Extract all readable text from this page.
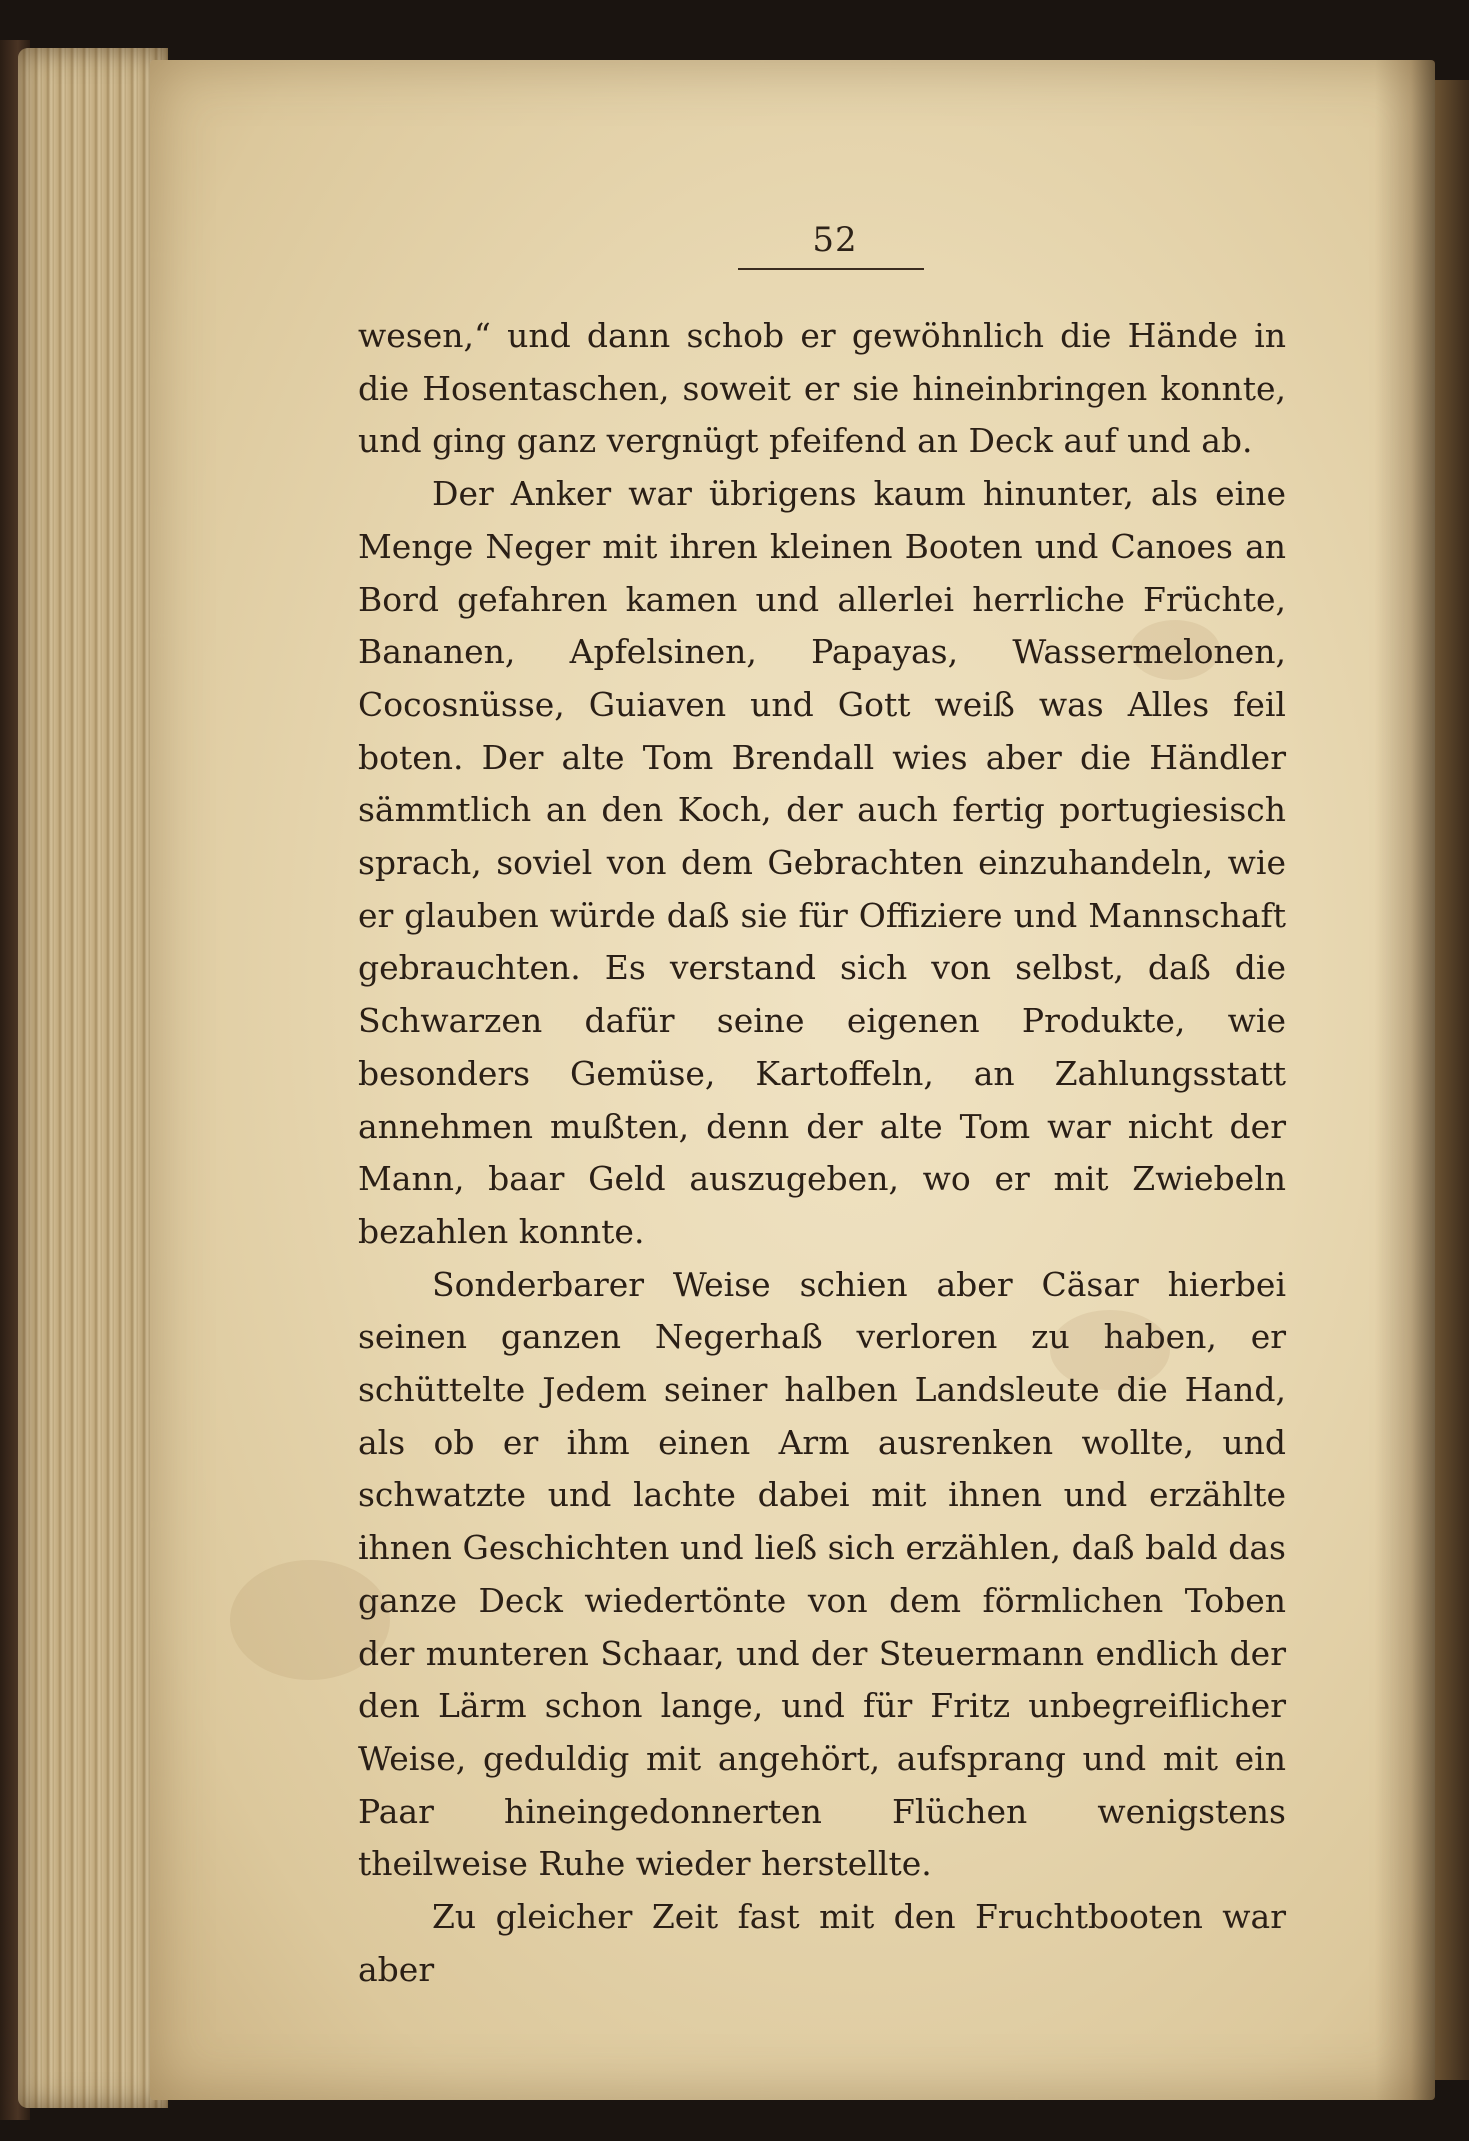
52

wesen,“ und dann schob er gewöhnlich die Hände in die Hosentaschen, soweit er sie hineinbringen konnte, und ging ganz vergnügt pfeifend an Deck auf und ab.

Der Anker war übrigens kaum hinunter, als eine Menge Neger mit ihren kleinen Booten und Canoes an Bord gefahren kamen und allerlei herrliche Früchte, Bananen, Apfelsinen, Papayas, Wassermelonen, Cocosnüsse, Guiaven und Gott weiß was Alles feil boten. Der alte Tom Brendall wies aber die Händler sämmtlich an den Koch, der auch fertig portugiesisch sprach, soviel von dem Gebrachten einzuhandeln, wie er glauben würde daß sie für Offiziere und Mannschaft gebrauchten. Es verstand sich von selbst, daß die Schwarzen dafür seine eigenen Produkte, wie besonders Gemüse, Kartoffeln, an Zahlungsstatt annehmen mußten, denn der alte Tom war nicht der Mann, baar Geld auszugeben, wo er mit Zwiebeln bezahlen konnte.

Sonderbarer Weise schien aber Cäsar hierbei seinen ganzen Negerhaß verloren zu haben, er schüttelte Jedem seiner halben Landsleute die Hand, als ob er ihm einen Arm ausrenken wollte, und schwatzte und lachte dabei mit ihnen und erzählte ihnen Geschichten und ließ sich erzählen, daß bald das ganze Deck wiedertönte von dem förmlichen Toben der munteren Schaar, und der Steuermann endlich der den Lärm schon lange, und für Fritz unbegreiflicher Weise, geduldig mit angehört, aufsprang und mit ein Paar hineingedonnerten Flüchen wenigstens theilweise Ruhe wieder herstellte.

Zu gleicher Zeit fast mit den Fruchtbooten war aber
